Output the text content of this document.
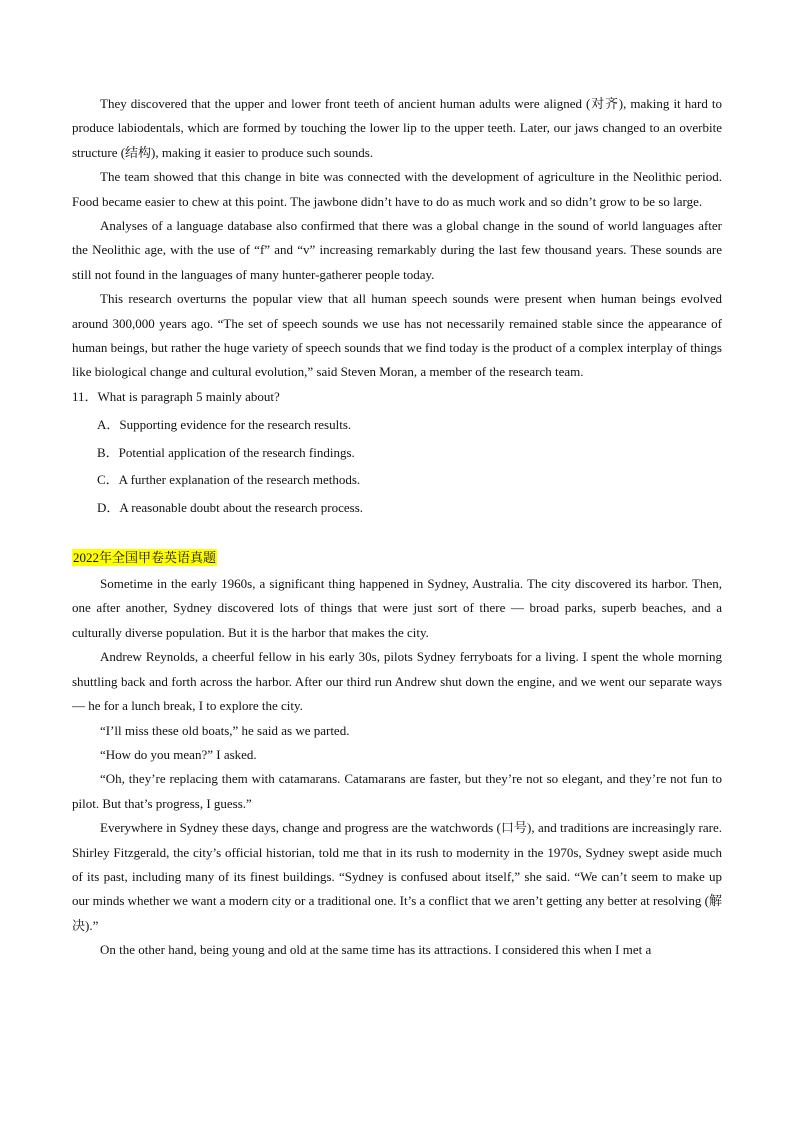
They discovered that the upper and lower front teeth of ancient human adults were aligned (对齐), making it hard to produce labiodentals, which are formed by touching the lower lip to the upper teeth. Later, our jaws changed to an overbite structure (结构), making it easier to produce such sounds.

The team showed that this change in bite was connected with the development of agriculture in the Neolithic period. Food became easier to chew at this point. The jawbone didn’t have to do as much work and so didn’t grow to be so large.

Analyses of a language database also confirmed that there was a global change in the sound of world languages after the Neolithic age, with the use of “f” and “v” increasing remarkably during the last few thousand years. These sounds are still not found in the languages of many hunter-gatherer people today.

This research overturns the popular view that all human speech sounds were present when human beings evolved around 300,000 years ago. “The set of speech sounds we use has not necessarily remained stable since the appearance of human beings, but rather the huge variety of speech sounds that we find today is the product of a complex interplay of things like biological change and cultural evolution,” said Steven Moran, a member of the research team.

11．What is paragraph 5 mainly about?

A．Supporting evidence for the research results.
B．Potential application of the research findings.
C．A further explanation of the research methods.
D．A reasonable doubt about the research process.

2022年全国甲卷英语真题

Sometime in the early 1960s, a significant thing happened in Sydney, Australia. The city discovered its harbor. Then, one after another, Sydney discovered lots of things that were just sort of there — broad parks, superb beaches, and a culturally diverse population. But it is the harbor that makes the city.

Andrew Reynolds, a cheerful fellow in his early 30s, pilots Sydney ferryboats for a living. I spent the whole morning shuttling back and forth across the harbor. After our third run Andrew shut down the engine, and we went our separate ways — he for a lunch break, I to explore the city.

“I’ll miss these old boats,” he said as we parted.

“How do you mean?” I asked.

“Oh, they’re replacing them with catamarans. Catamarans are faster, but they’re not so elegant, and they’re not fun to pilot. But that’s progress, I guess.”

Everywhere in Sydney these days, change and progress are the watchwords (口号), and traditions are increasingly rare. Shirley Fitzgerald, the city’s official historian, told me that in its rush to modernity in the 1970s, Sydney swept aside much of its past, including many of its finest buildings. “Sydney is confused about itself,” she said. “We can’t seem to make up our minds whether we want a modern city or a traditional one. It’s a conflict that we aren’t getting any better at resolving (解决).”

On the other hand, being young and old at the same time has its attractions. I considered this when I met a
